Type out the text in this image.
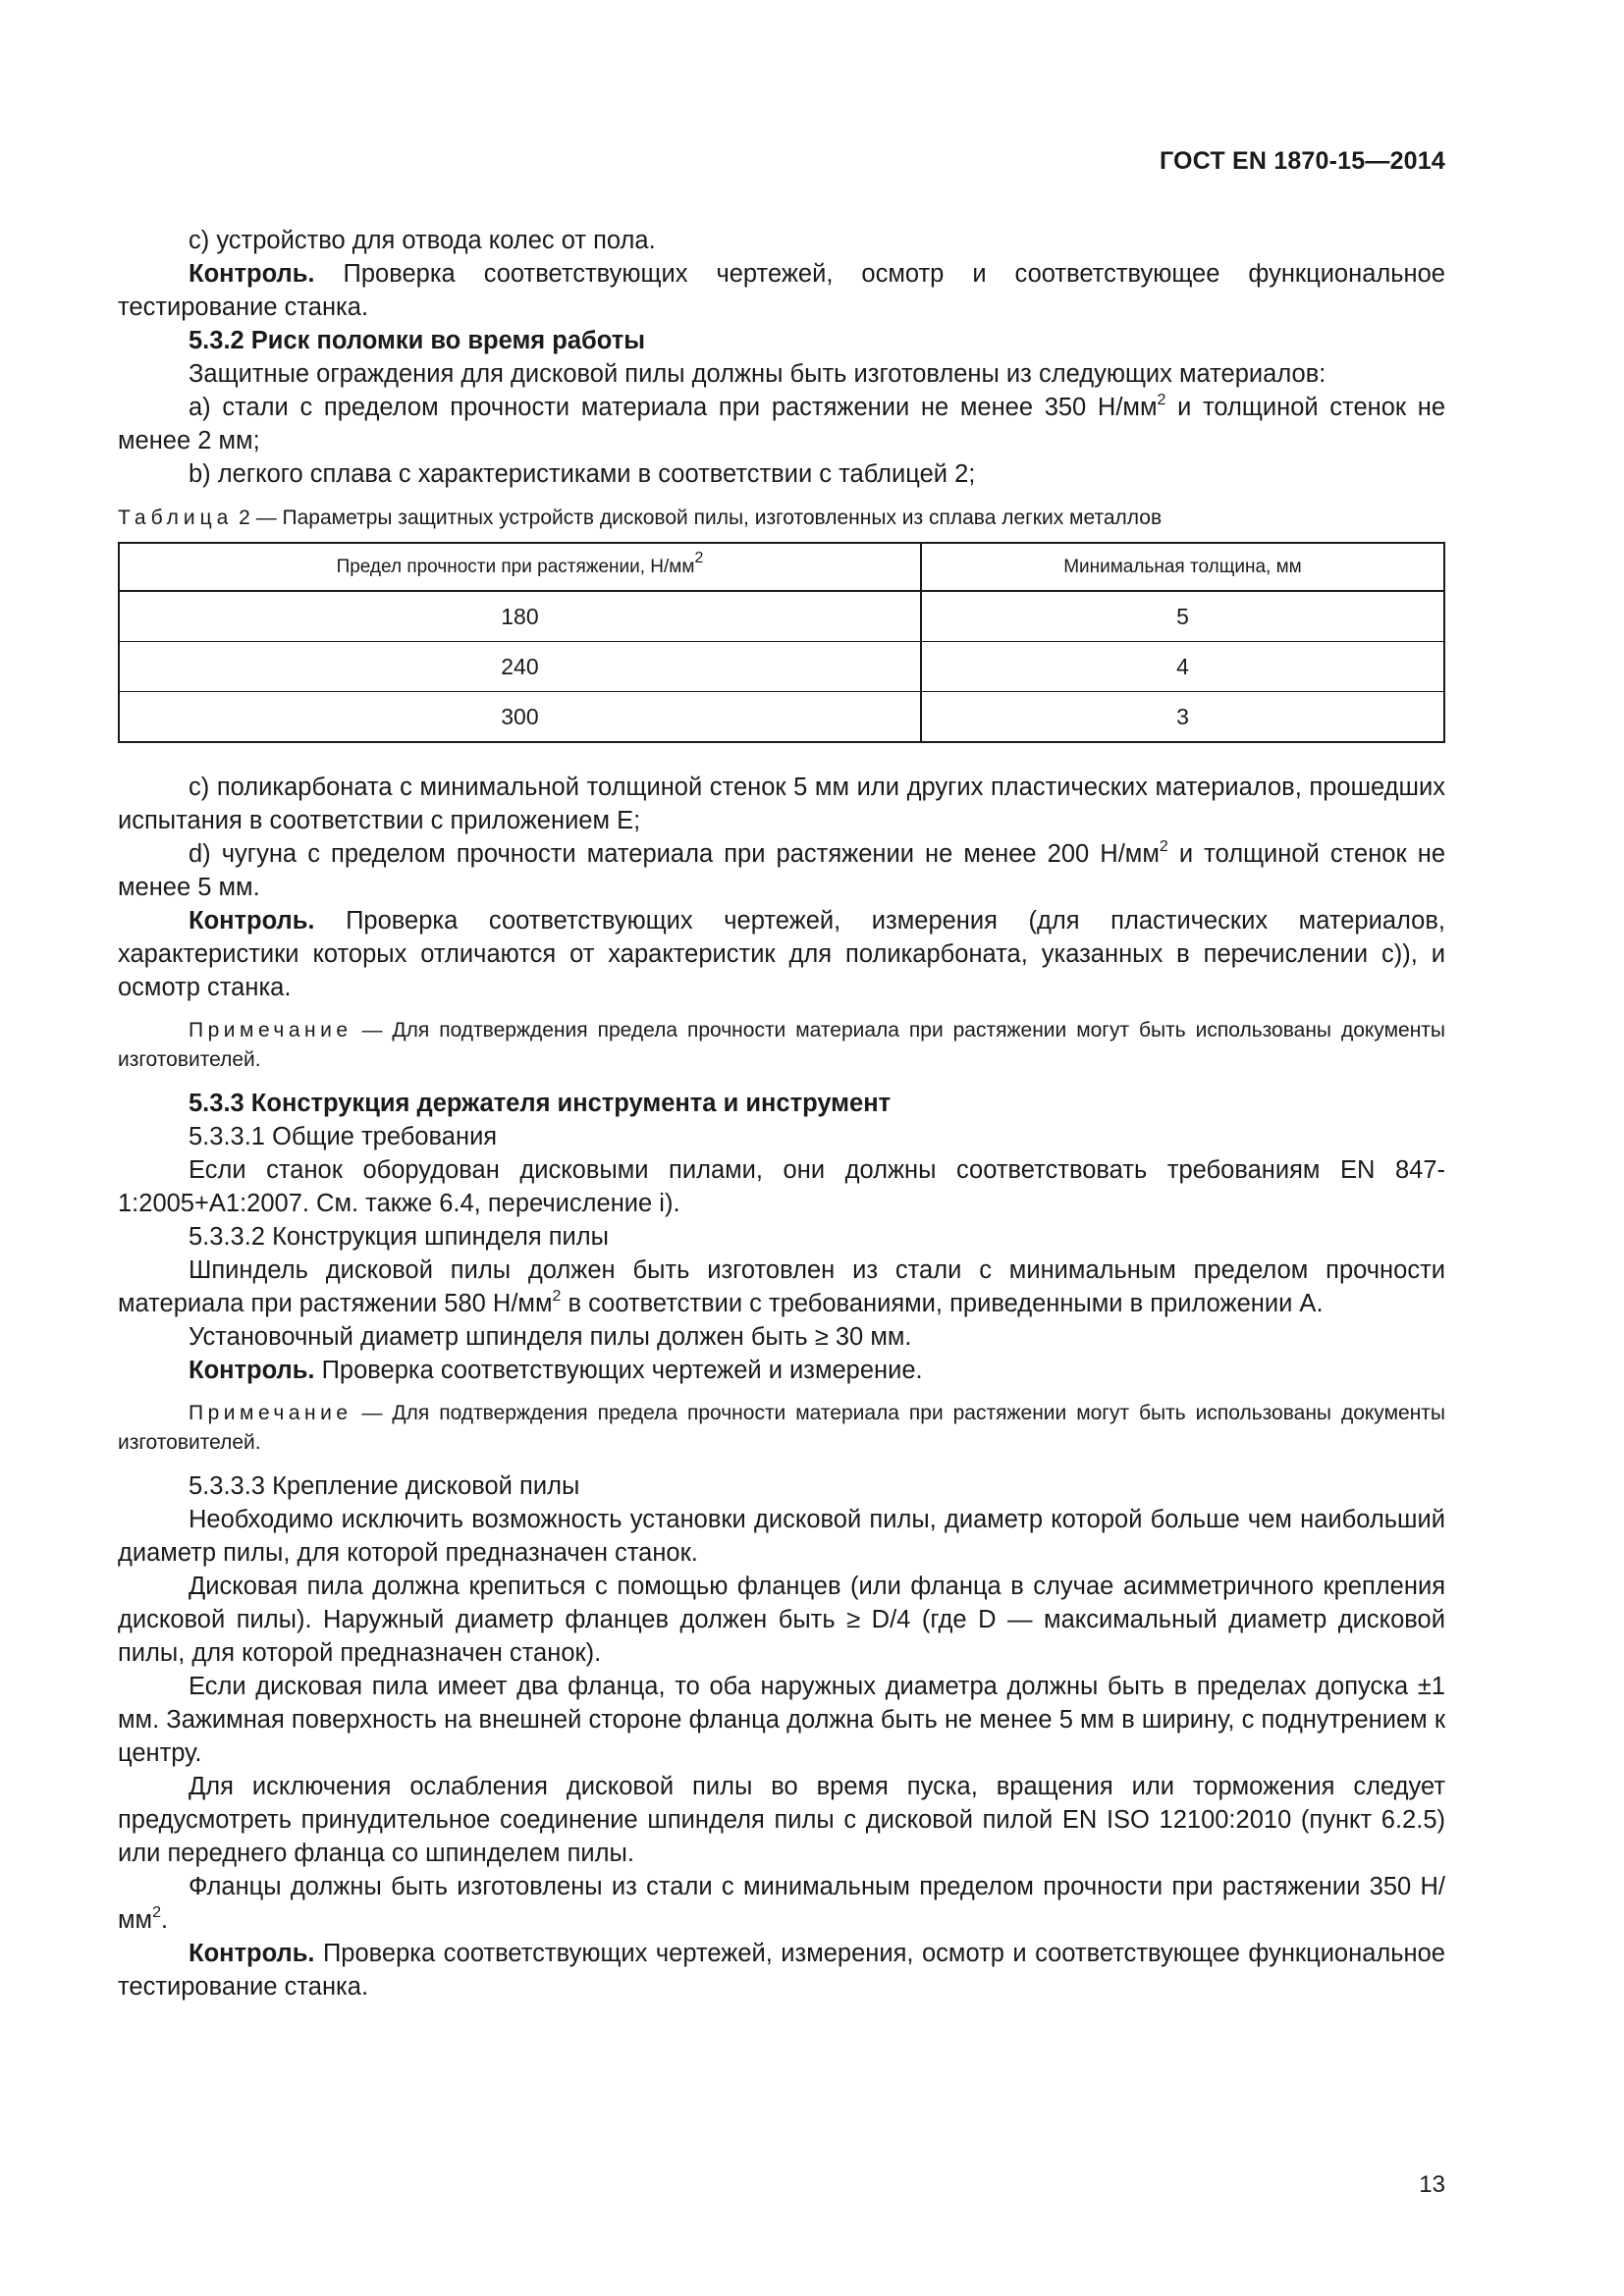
ГОСТ EN 1870-15—2014

с) устройство для отвода колес от пола.

Контроль. Проверка соответствующих чертежей, осмотр и соответствующее функциональное тестирование станка.

5.3.2 Риск поломки во время работы

Защитные ограждения для дисковой пилы должны быть изготовлены из следующих материалов:

а) стали с пределом прочности материала при растяжении не менее 350 $Н/мм^2$ и толщиной стенок не менее 2 мм;

b) легкого сплава с характеристиками в соответствии с таблицей 2;

Таблица 2 — Параметры защитных устройств дисковой пилы, изготовленных из сплава легких металлов

Предел прочности при растяжении, $Н/мм^2$	Минимальная толщина, мм
180	5
240	4
300	3

с) поликарбоната с минимальной толщиной стенок 5 мм или других пластических материалов, прошедших испытания в соответствии с приложением Е;

d) чугуна с пределом прочности материала при растяжении не менее 200 $Н/мм^2$ и толщиной стенок не менее 5 мм.

Контроль. Проверка соответствующих чертежей, измерения (для пластических материалов, характеристики которых отличаются от характеристик для поликарбоната, указанных в перечислении с)), и осмотр станка.

Примечание — Для подтверждения предела прочности материала при растяжении могут быть использованы документы изготовителей.

5.3.3 Конструкция держателя инструмента и инструмент

5.3.3.1 Общие требования

Если станок оборудован дисковыми пилами, они должны соответствовать требованиям EN 847-1:2005+A1:2007. См. также 6.4, перечисление i).

5.3.3.2 Конструкция шпинделя пилы

Шпиндель дисковой пилы должен быть изготовлен из стали с минимальным пределом прочности материала при растяжении 580 $Н/мм^2$ в соответствии с требованиями, приведенными в приложении А.

Установочный диаметр шпинделя пилы должен быть ≥ 30 мм.

Контроль. Проверка соответствующих чертежей и измерение.

Примечание — Для подтверждения предела прочности материала при растяжении могут быть использованы документы изготовителей.

5.3.3.3 Крепление дисковой пилы

Необходимо исключить возможность установки дисковой пилы, диаметр которой больше чем наибольший диаметр пилы, для которой предназначен станок.

Дисковая пила должна крепиться с помощью фланцев (или фланца в случае асимметричного крепления дисковой пилы). Наружный диаметр фланцев должен быть ≥ D/4 (где D — максимальный диаметр дисковой пилы, для которой предназначен станок).

Если дисковая пила имеет два фланца, то оба наружных диаметра должны быть в пределах допуска ±1 мм. Зажимная поверхность на внешней стороне фланца должна быть не менее 5 мм в ширину, с поднутрением к центру.

Для исключения ослабления дисковой пилы во время пуска, вращения или торможения следует предусмотреть принудительное соединение шпинделя пилы с дисковой пилой EN ISO 12100:2010 (пункт 6.2.5) или переднего фланца со шпинделем пилы.

Фланцы должны быть изготовлены из стали с минимальным пределом прочности при растяжении 350 $Н/мм^2$.

Контроль. Проверка соответствующих чертежей, измерения, осмотр и соответствующее функциональное тестирование станка.

13
